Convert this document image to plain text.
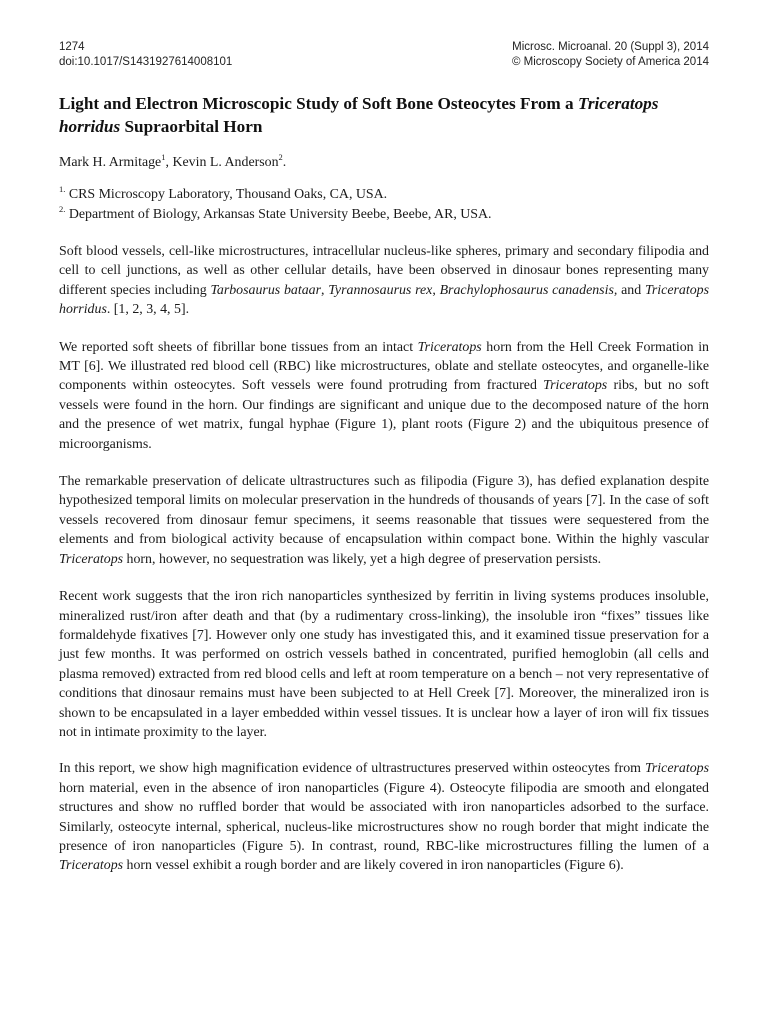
1274
doi:10.1017/S1431927614008101
Microsc. Microanal. 20 (Suppl 3), 2014
© Microscopy Society of America 2014
Light and Electron Microscopic Study of Soft Bone Osteocytes From a Triceratops horridus Supraorbital Horn
Mark H. Armitage$^1$, Kevin L. Anderson$^2$.
$^{1.}$ CRS Microscopy Laboratory, Thousand Oaks, CA, USA.
$^{2.}$ Department of Biology, Arkansas State University Beebe, Beebe, AR, USA.

Soft blood vessels, cell-like microstructures, intracellular nucleus-like spheres, primary and secondary filipodia and cell to cell junctions, as well as other cellular details, have been observed in dinosaur bones representing many different species including Tarbosaurus bataar, Tyrannosaurus rex, Brachylophosaurus canadensis, and Triceratops horridus. [1, 2, 3, 4, 5].

We reported soft sheets of fibrillar bone tissues from an intact Triceratops horn from the Hell Creek Formation in MT [6]. We illustrated red blood cell (RBC) like microstructures, oblate and stellate osteocytes, and organelle-like components within osteocytes. Soft vessels were found protruding from fractured Triceratops ribs, but no soft vessels were found in the horn. Our findings are significant and unique due to the decomposed nature of the horn and the presence of wet matrix, fungal hyphae (Figure 1), plant roots (Figure 2) and the ubiquitous presence of microorganisms.

The remarkable preservation of delicate ultrastructures such as filipodia (Figure 3), has defied explanation despite hypothesized temporal limits on molecular preservation in the hundreds of thousands of years [7]. In the case of soft vessels recovered from dinosaur femur specimens, it seems reasonable that tissues were sequestered from the elements and from biological activity because of encapsulation within compact bone. Within the highly vascular Triceratops horn, however, no sequestration was likely, yet a high degree of preservation persists.

Recent work suggests that the iron rich nanoparticles synthesized by ferritin in living systems produces insoluble, mineralized rust/iron after death and that (by a rudimentary cross-linking), the insoluble iron “fixes” tissues like formaldehyde fixatives [7]. However only one study has investigated this, and it examined tissue preservation for a just few months. It was performed on ostrich vessels bathed in concentrated, purified hemoglobin (all cells and plasma removed) extracted from red blood cells and left at room temperature on a bench – not very representative of conditions that dinosaur remains must have been subjected to at Hell Creek [7]. Moreover, the mineralized iron is shown to be encapsulated in a layer embedded within vessel tissues. It is unclear how a layer of iron will fix tissues not in intimate proximity to the layer.

In this report, we show high magnification evidence of ultrastructures preserved within osteocytes from Triceratops horn material, even in the absence of iron nanoparticles (Figure 4). Osteocyte filipodia are smooth and elongated structures and show no ruffled border that would be associated with iron nanoparticles adsorbed to the surface. Similarly, osteocyte internal, spherical, nucleus-like microstructures show no rough border that might indicate the presence of iron nanoparticles (Figure 5). In contrast, round, RBC-like microstructures filling the lumen of a Triceratops horn vessel exhibit a rough border and are likely covered in iron nanoparticles (Figure 6).
